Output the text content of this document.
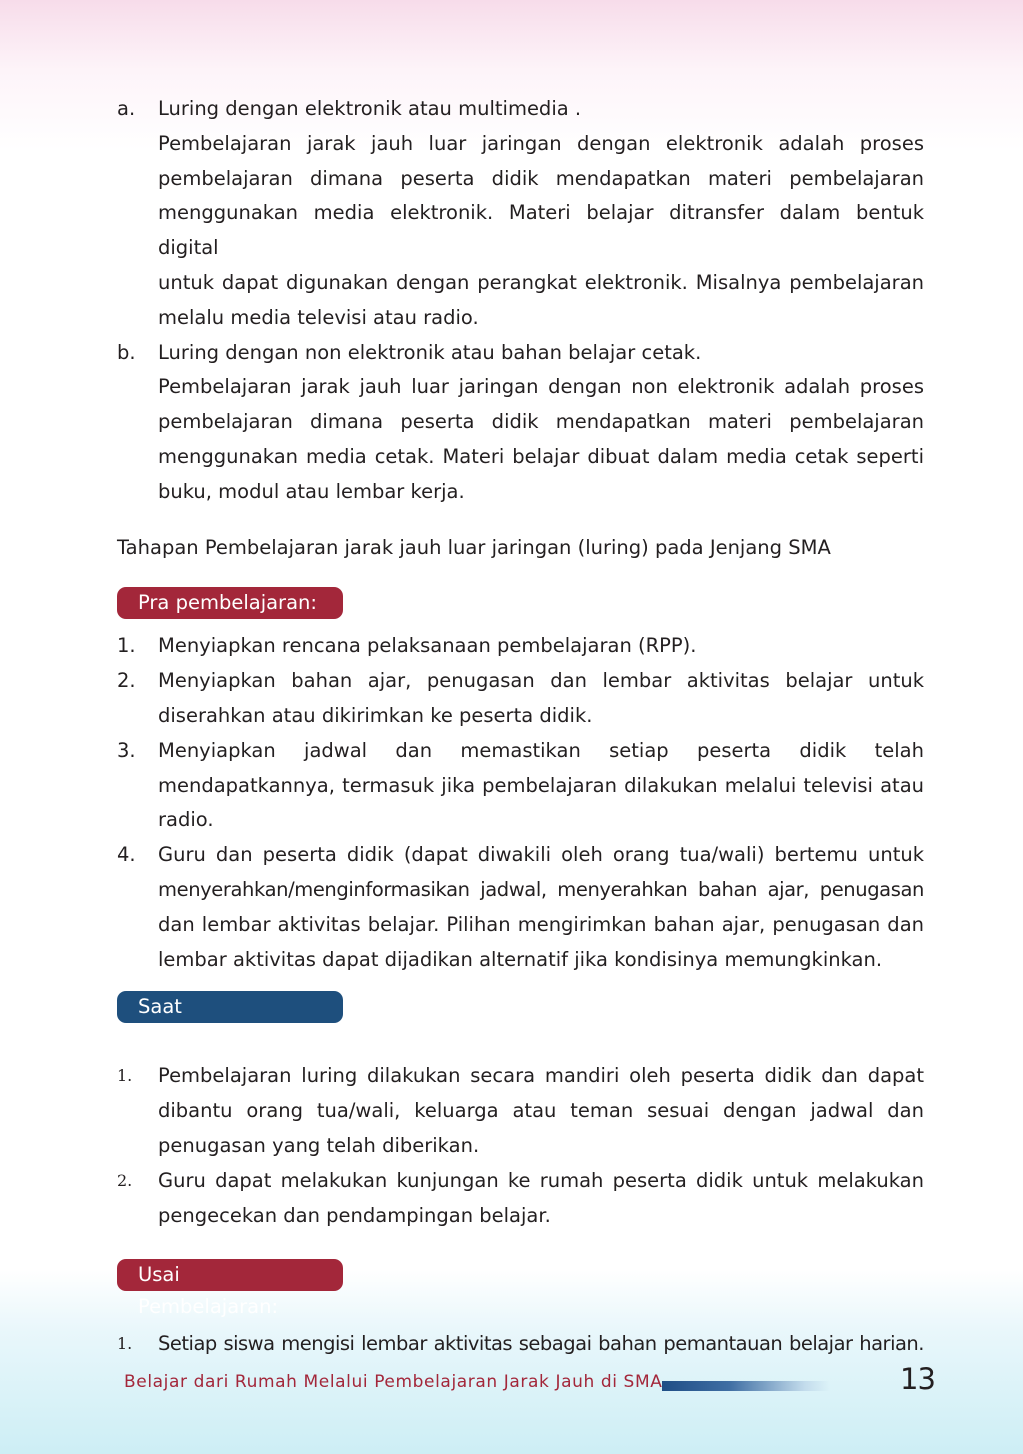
a. Luring dengan elektronik atau multimedia .
Pembelajaran jarak jauh luar jaringan dengan elektronik adalah proses
pembelajaran dimana peserta didik mendapatkan materi pembelajaran
menggunakan media elektronik. Materi belajar ditransfer dalam bentuk digital
untuk dapat digunakan dengan perangkat elektronik. Misalnya pembelajaran
melalu media televisi atau radio.
b. Luring dengan non elektronik atau bahan belajar cetak.
Pembelajaran jarak jauh luar jaringan dengan non elektronik adalah proses
pembelajaran dimana peserta didik mendapatkan materi pembelajaran
menggunakan media cetak. Materi belajar dibuat dalam media cetak seperti
buku, modul atau lembar kerja.
Tahapan Pembelajaran jarak jauh luar jaringan (luring) pada Jenjang SMA
Pra pembelajaran:
1. Menyiapkan rencana pelaksanaan pembelajaran (RPP).
2. Menyiapkan bahan ajar, penugasan dan lembar aktivitas belajar untuk
diserahkan atau dikirimkan ke peserta didik.
3. Menyiapkan jadwal dan memastikan setiap peserta didik telah
mendapatkannya, termasuk jika pembelajaran dilakukan melalui televisi atau
radio.
4. Guru dan peserta didik (dapat diwakili oleh orang tua/wali) bertemu untuk
menyerahkan/menginformasikan jadwal, menyerahkan bahan ajar, penugasan
dan lembar aktivitas belajar. Pilihan mengirimkan bahan ajar, penugasan dan
lembar aktivitas dapat dijadikan alternatif jika kondisinya memungkinkan.
Saat Pembelajaran:
1. Pembelajaran luring dilakukan secara mandiri oleh peserta didik dan dapat
dibantu orang tua/wali, keluarga atau teman sesuai dengan jadwal dan
penugasan yang telah diberikan.
2. Guru dapat melakukan kunjungan ke rumah peserta didik untuk melakukan
pengecekan dan pendampingan belajar.
Usai Pembelajaran:
1. Setiap siswa mengisi lembar aktivitas sebagai bahan pemantauan belajar harian.
Belajar dari Rumah Melalui Pembelajaran Jarak Jauh di SMA	13
